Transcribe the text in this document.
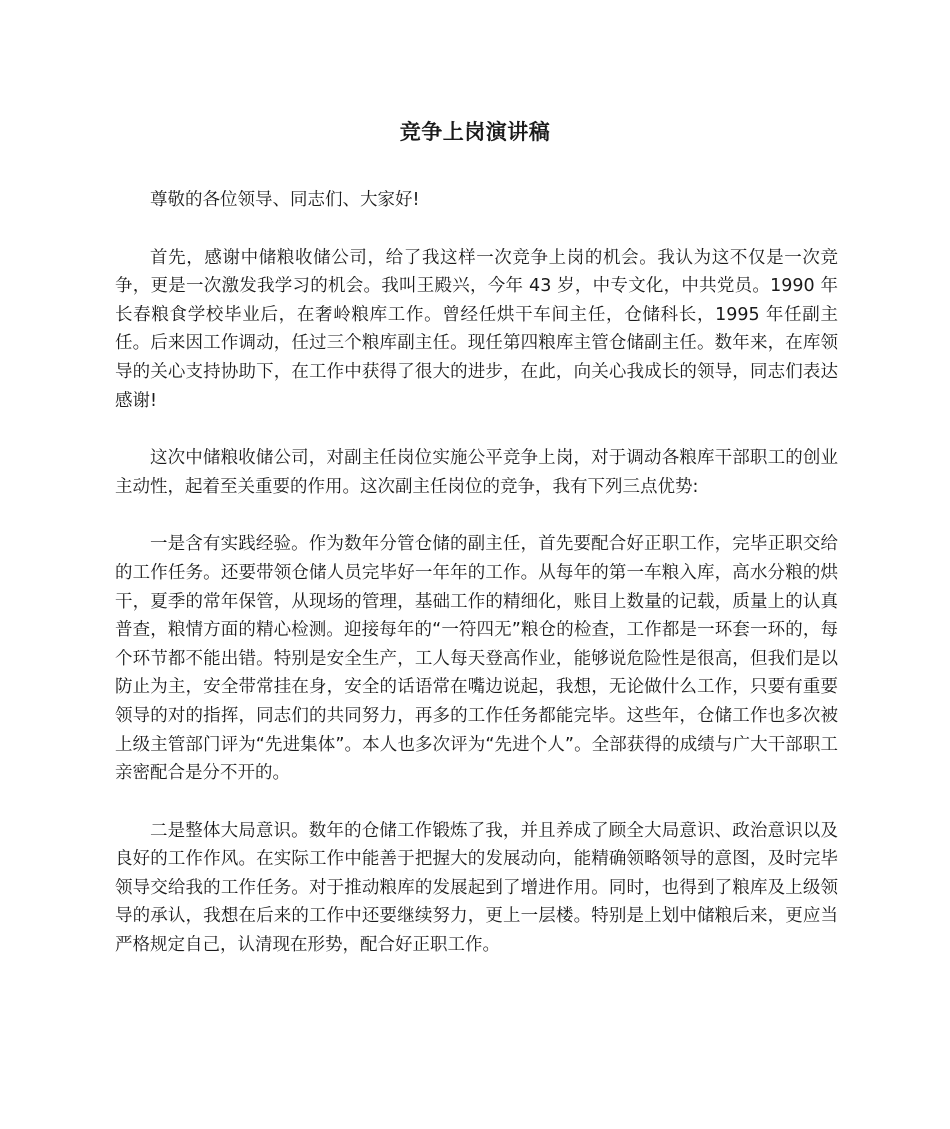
竞争上岗演讲稿

尊敬的各位领导、同志们、大家好!

首先，感谢中储粮收储公司，给了我这样一次竞争上岗的机会。我认为这不仅是一次竞争，更是一次激发我学习的机会。我叫王殿兴，今年 43 岁，中专文化，中共党员。1990 年长春粮食学校毕业后，在奢岭粮库工作。曾经任烘干车间主任，仓储科长，1995 年任副主任。后来因工作调动，任过三个粮库副主任。现任第四粮库主管仓储副主任。数年来，在库领导的关心支持协助下，在工作中获得了很大的进步，在此，向关心我成长的领导，同志们表达感谢!

这次中储粮收储公司，对副主任岗位实施公平竞争上岗，对于调动各粮库干部职工的创业主动性，起着至关重要的作用。这次副主任岗位的竞争，我有下列三点优势:

一是含有实践经验。作为数年分管仓储的副主任，首先要配合好正职工作，完毕正职交给的工作任务。还要带领仓储人员完毕好一年年的工作。从每年的第一车粮入库，高水分粮的烘干，夏季的常年保管，从现场的管理，基础工作的精细化，账目上数量的记载，质量上的认真普查，粮情方面的精心检测。迎接每年的“一符四无”粮仓的检查，工作都是一环套一环的，每个环节都不能出错。特别是安全生产，工人每天登高作业，能够说危险性是很高，但我们是以防止为主，安全带常挂在身，安全的话语常在嘴边说起，我想，无论做什么工作，只要有重要领导的对的指挥，同志们的共同努力，再多的工作任务都能完毕。这些年，仓储工作也多次被上级主管部门评为“先进集体”。本人也多次评为“先进个人”。全部获得的成绩与广大干部职工亲密配合是分不开的。

二是整体大局意识。数年的仓储工作锻炼了我，并且养成了顾全大局意识、政治意识以及良好的工作作风。在实际工作中能善于把握大的发展动向，能精确领略领导的意图，及时完毕领导交给我的工作任务。对于推动粮库的发展起到了增进作用。同时，也得到了粮库及上级领导的承认，我想在后来的工作中还要继续努力，更上一层楼。特别是上划中储粮后来，更应当严格规定自己，认清现在形势，配合好正职工作。
